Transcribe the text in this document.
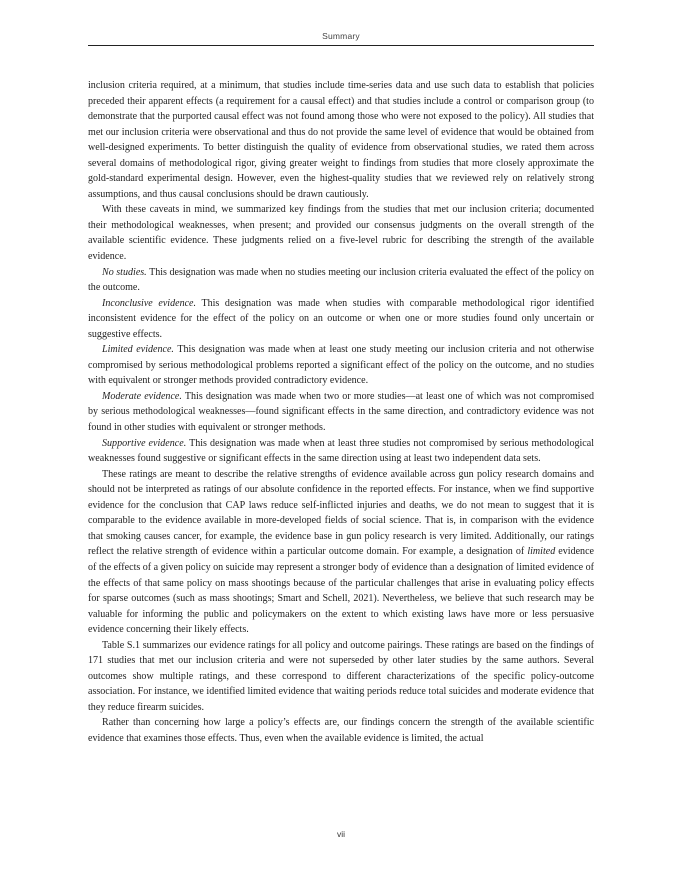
Summary

inclusion criteria required, at a minimum, that studies include time-series data and use such data to establish that policies preceded their apparent effects (a requirement for a causal effect) and that studies include a control or comparison group (to demonstrate that the purported causal effect was not found among those who were not exposed to the policy). All studies that met our inclusion criteria were observational and thus do not provide the same level of evidence that would be obtained from well-designed experiments. To better distinguish the quality of evidence from observational studies, we rated them across several domains of methodological rigor, giving greater weight to findings from studies that more closely approximate the gold-standard experimental design. However, even the highest-quality studies that we reviewed rely on relatively strong assumptions, and thus causal conclusions should be drawn cautiously.

With these caveats in mind, we summarized key findings from the studies that met our inclusion criteria; documented their methodological weaknesses, when present; and provided our consensus judgments on the overall strength of the available scientific evidence. These judgments relied on a five-level rubric for describing the strength of the available evidence.

No studies. This designation was made when no studies meeting our inclusion criteria evaluated the effect of the policy on the outcome.

Inconclusive evidence. This designation was made when studies with comparable methodological rigor identified inconsistent evidence for the effect of the policy on an outcome or when one or more studies found only uncertain or suggestive effects.

Limited evidence. This designation was made when at least one study meeting our inclusion criteria and not otherwise compromised by serious methodological problems reported a significant effect of the policy on the outcome, and no studies with equivalent or stronger methods provided contradictory evidence.

Moderate evidence. This designation was made when two or more studies—at least one of which was not compromised by serious methodological weaknesses—found significant effects in the same direction, and contradictory evidence was not found in other studies with equivalent or stronger methods.

Supportive evidence. This designation was made when at least three studies not compromised by serious methodological weaknesses found suggestive or significant effects in the same direction using at least two independent data sets.

These ratings are meant to describe the relative strengths of evidence available across gun policy research domains and should not be interpreted as ratings of our absolute confidence in the reported effects. For instance, when we find supportive evidence for the conclusion that CAP laws reduce self-inflicted injuries and deaths, we do not mean to suggest that it is comparable to the evidence available in more-developed fields of social science. That is, in comparison with the evidence that smoking causes cancer, for example, the evidence base in gun policy research is very limited. Additionally, our ratings reflect the relative strength of evidence within a particular outcome domain. For example, a designation of limited evidence of the effects of a given policy on suicide may represent a stronger body of evidence than a designation of limited evidence of the effects of that same policy on mass shootings because of the particular challenges that arise in evaluating policy effects for sparse outcomes (such as mass shootings; Smart and Schell, 2021). Nevertheless, we believe that such research may be valuable for informing the public and policymakers on the extent to which existing laws have more or less persuasive evidence concerning their likely effects.

Table S.1 summarizes our evidence ratings for all policy and outcome pairings. These ratings are based on the findings of 171 studies that met our inclusion criteria and were not superseded by other later studies by the same authors. Several outcomes show multiple ratings, and these correspond to different characterizations of the specific policy-outcome association. For instance, we identified limited evidence that waiting periods reduce total suicides and moderate evidence that they reduce firearm suicides.

Rather than concerning how large a policy’s effects are, our findings concern the strength of the available scientific evidence that examines those effects. Thus, even when the available evidence is limited, the actual

vii
